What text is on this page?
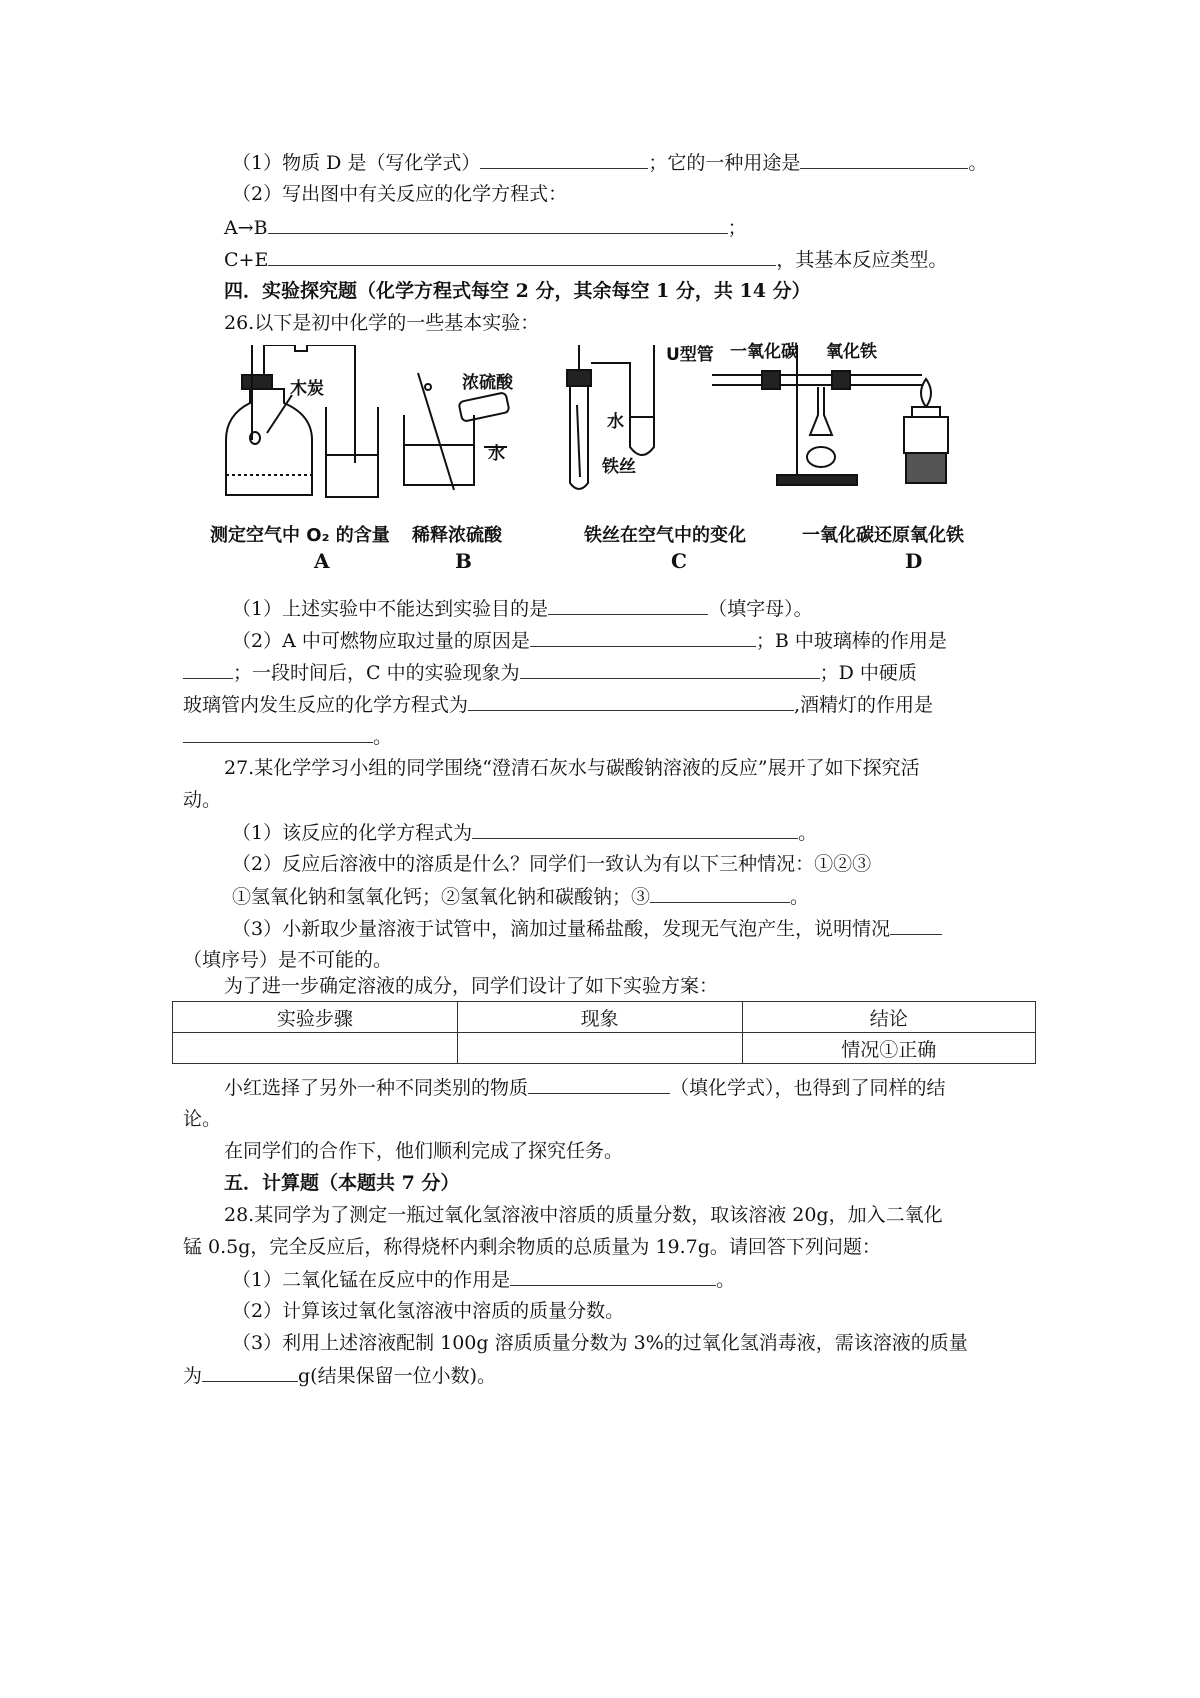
（1）物质 D 是（写化学式）	；它的一种用途是	。
（2）写出图中有关反应的化学方程式：
A→B	；
C+E	，其基本反应类型。
四．实验探究题（化学方程式每空 2 分，其余每空 1 分，共 14 分）
26.以下是初中化学的一些基本实验：
木炭	浓硫酸
水
U型管
水
铁丝
一氧化碳 氧化铁
测定空气中 O₂ 的含量 稀释浓硫酸	铁丝在空气中的变化	一氧化碳还原氧化铁
A	B	C	D
（1）上述实验中不能达到实验目的是	（填字母）。
（2）A 中可燃物应取过量的原因是	；B 中玻璃棒的作用是
；一段时间后，C 中的实验现象为	；D 中硬质
玻璃管内发生反应的化学方程式为	,酒精灯的作用是
。
27.某化学学习小组的同学围绕“澄清石灰水与碳酸钠溶液的反应”展开了如下探究活
动。
（1）该反应的化学方程式为	。
（2）反应后溶液中的溶质是什么？同学们一致认为有以下三种情况：①②③
①氢氧化钠和氢氧化钙；②氢氧化钠和碳酸钠；③	。
（3）小新取少量溶液于试管中，滴加过量稀盐酸，发现无气泡产生，说明情况
（填序号）是不可能的。
为了进一步确定溶液的成分，同学们设计了如下实验方案：
实验步骤	现象	结论
		情况①正确
小红选择了另外一种不同类别的物质	（填化学式），也得到了同样的结
论。
在同学们的合作下，他们顺利完成了探究任务。
五．计算题（本题共 7 分）
28.某同学为了测定一瓶过氧化氢溶液中溶质的质量分数，取该溶液 20g，加入二氧化
锰 0.5g，完全反应后，称得烧杯内剩余物质的总质量为 19.7g。请回答下列问题：
（1）二氧化锰在反应中的作用是	。
（2）计算该过氧化氢溶液中溶质的质量分数。
（3）利用上述溶液配制 100g 溶质质量分数为 3%的过氧化氢消毒液，需该溶液的质量
为	g(结果保留一位小数)。
